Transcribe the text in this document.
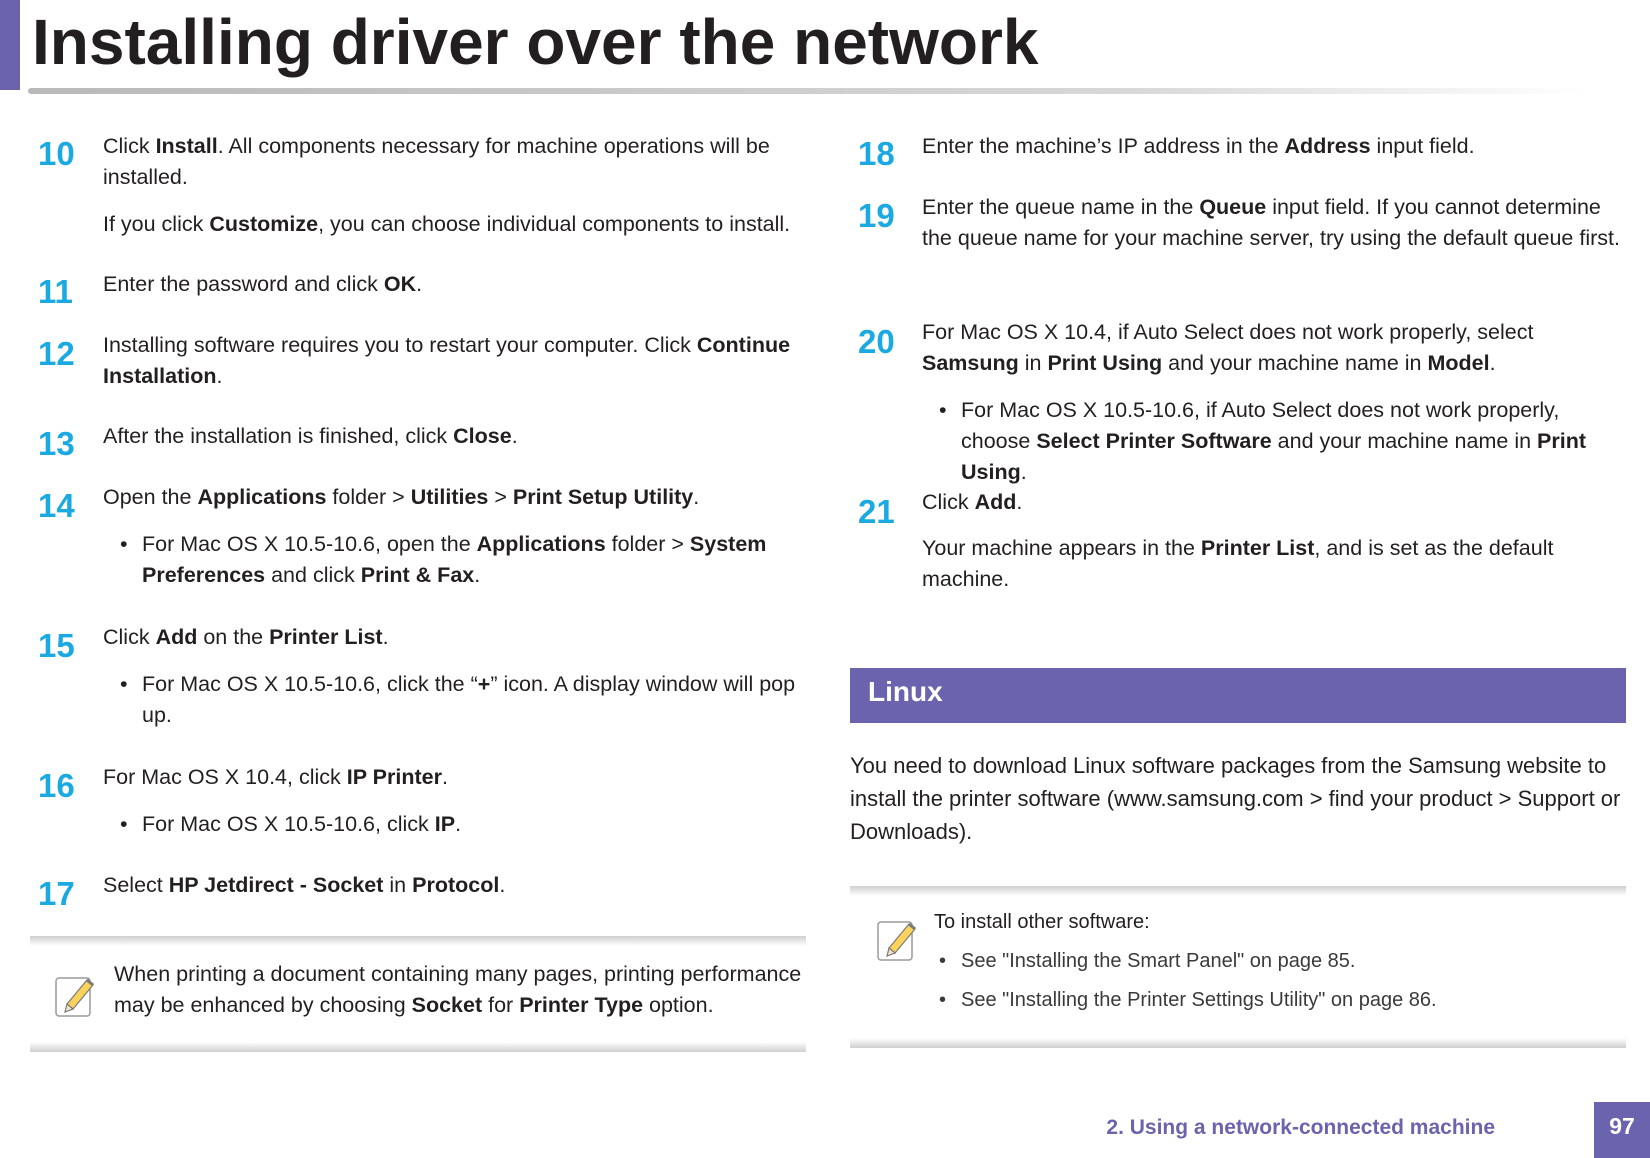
Installing driver over the network
10 Click Install. All components necessary for machine operations will be installed.
If you click Customize, you can choose individual components to install.
11 Enter the password and click OK.
12 Installing software requires you to restart your computer. Click Continue Installation.
13 After the installation is finished, click Close.
14 Open the Applications folder > Utilities > Print Setup Utility.
• For Mac OS X 10.5-10.6, open the Applications folder > System Preferences and click Print & Fax.
15 Click Add on the Printer List.
• For Mac OS X 10.5-10.6, click the “+” icon. A display window will pop up.
16 For Mac OS X 10.4, click IP Printer.
• For Mac OS X 10.5-10.6, click IP.
17 Select HP Jetdirect - Socket in Protocol.
When printing a document containing many pages, printing performance may be enhanced by choosing Socket for Printer Type option.
18 Enter the machine’s IP address in the Address input field.
19 Enter the queue name in the Queue input field. If you cannot determine the queue name for your machine server, try using the default queue first.
20 For Mac OS X 10.4, if Auto Select does not work properly, select Samsung in Print Using and your machine name in Model.
• For Mac OS X 10.5-10.6, if Auto Select does not work properly, choose Select Printer Software and your machine name in Print Using.
21 Click Add.
Your machine appears in the Printer List, and is set as the default machine.
Linux
You need to download Linux software packages from the Samsung website to install the printer software (www.samsung.com > find your product > Support or Downloads).
To install other software:
• See "Installing the Smart Panel" on page 85.
• See "Installing the Printer Settings Utility" on page 86.
2. Using a network-connected machine	97
